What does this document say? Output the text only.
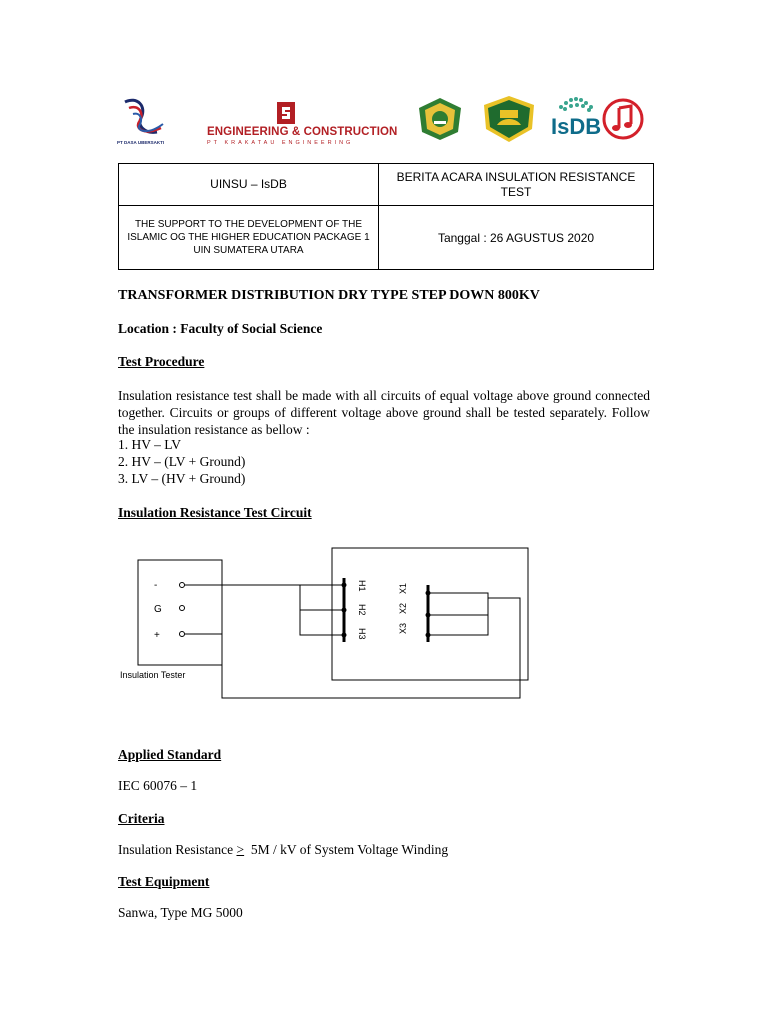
PT DASA UBERSAKTI
ENGINEERING & CONSTRUCTION
PT KRAKATAU ENGINEERING
IsDB
UINSU – IsDB	BERITA ACARA INSULATION RESISTANCE TEST
THE SUPPORT TO THE DEVELOPMENT OF THE ISLAMIC OG THE HIGHER EDUCATION PACKAGE 1 UIN SUMATERA UTARA	Tanggal : 26 AGUSTUS 2020
TRANSFORMER DISTRIBUTION DRY TYPE STEP DOWN 800KV
Location : Faculty of Social Science
Test Procedure
Insulation resistance test shall be made with all circuits of equal voltage above ground connected together. Circuits or groups of different voltage above ground shall be tested separately. Follow the insulation resistance as bellow :
1. HV – LV
2. HV – (LV + Ground)
3. LV – (HV + Ground)
Insulation Resistance Test Circuit
-
G
+
Insulation Tester
H1
H2
H3	X3
X2
X1
Applied Standard
IEC 60076 – 1
Criteria
Insulation Resistance >  5M / kV of System Voltage Winding
Test Equipment
Sanwa, Type MG 5000
